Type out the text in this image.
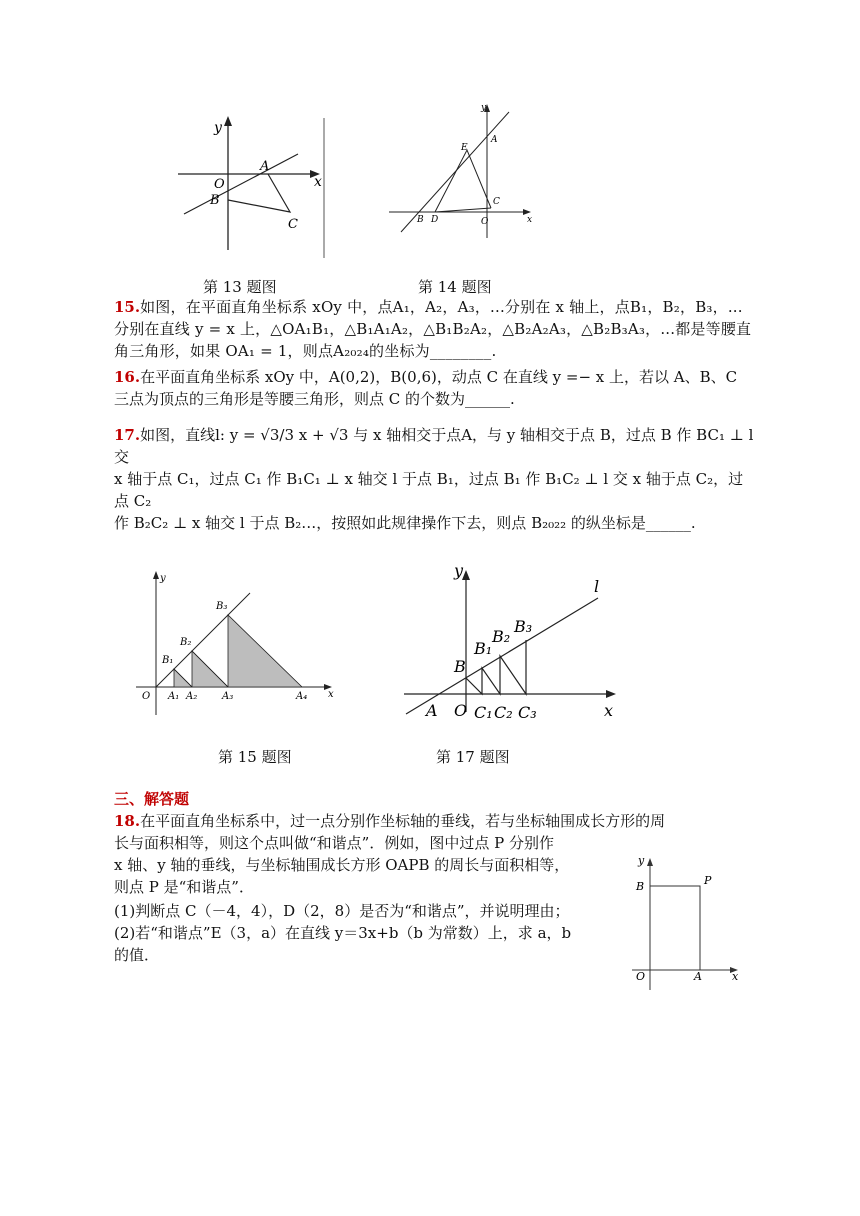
y
x
O
A
B
C
y
x
O
A
B
C
D
E
第 13 题图	第 14 题图
15.如图，在平面直角坐标系 xOy 中，点A₁，A₂，A₃，...分别在 x 轴上，点B₁，B₂，B₃，...分别在直线 y = x 上，△OA₁B₁，△B₁A₁A₂，△B₁B₂A₂，△B₂A₂A₃，△B₂B₃A₃，...都是等腰直角三角形，如果 OA₁ = 1，则点A₂₀₂₄的坐标为________.
16.在平面直角坐标系 xOy 中，A(0,2)，B(0,6)，动点 C 在直线 y =− x 上，若以 A、B、C 三点为顶点的三角形是等腰三角形，则点 C 的个数为______.
17.如图，直线l: y = √3/3 x + √3 与 x 轴相交于点A，与 y 轴相交于点 B，过点 B 作 BC₁ ⊥ l 交
x 轴于点 C₁，过点 C₁ 作 B₁C₁ ⊥ x 轴交 l 于点 B₁，过点 B₁ 作 B₁C₂ ⊥ l 交 x 轴于点 C₂，过点 C₂
作 B₂C₂ ⊥ x 轴交 l 于点 B₂…，按照如此规律操作下去，则点 B₂₀₂₂ 的纵坐标是______.
y
x
O A₁ A₂ A₃	A₄
B₁
B₂
B₃
y
x
l
A O
B
B₁
B₂
B₃
C₁ C₂ C₃
第 15 题图	第 17 题图
三、解答题
18.在平面直角坐标系中，过一点分别作坐标轴的垂线，若与坐标轴围成长方形的周
长与面积相等，则这个点叫做“和谐点”．例如，图中过点 P 分别作
x 轴、y 轴的垂线，与坐标轴围成长方形 OAPB 的周长与面积相等，
则点 P 是“和谐点”．
(1)判断点 C（－4，4），D（2，8）是否为“和谐点”，并说明理由；
(2)若“和谐点”E（3，a）在直线 y＝3x+b（b 为常数）上，求 a，b
的值．
y
x
O	A
B	P
